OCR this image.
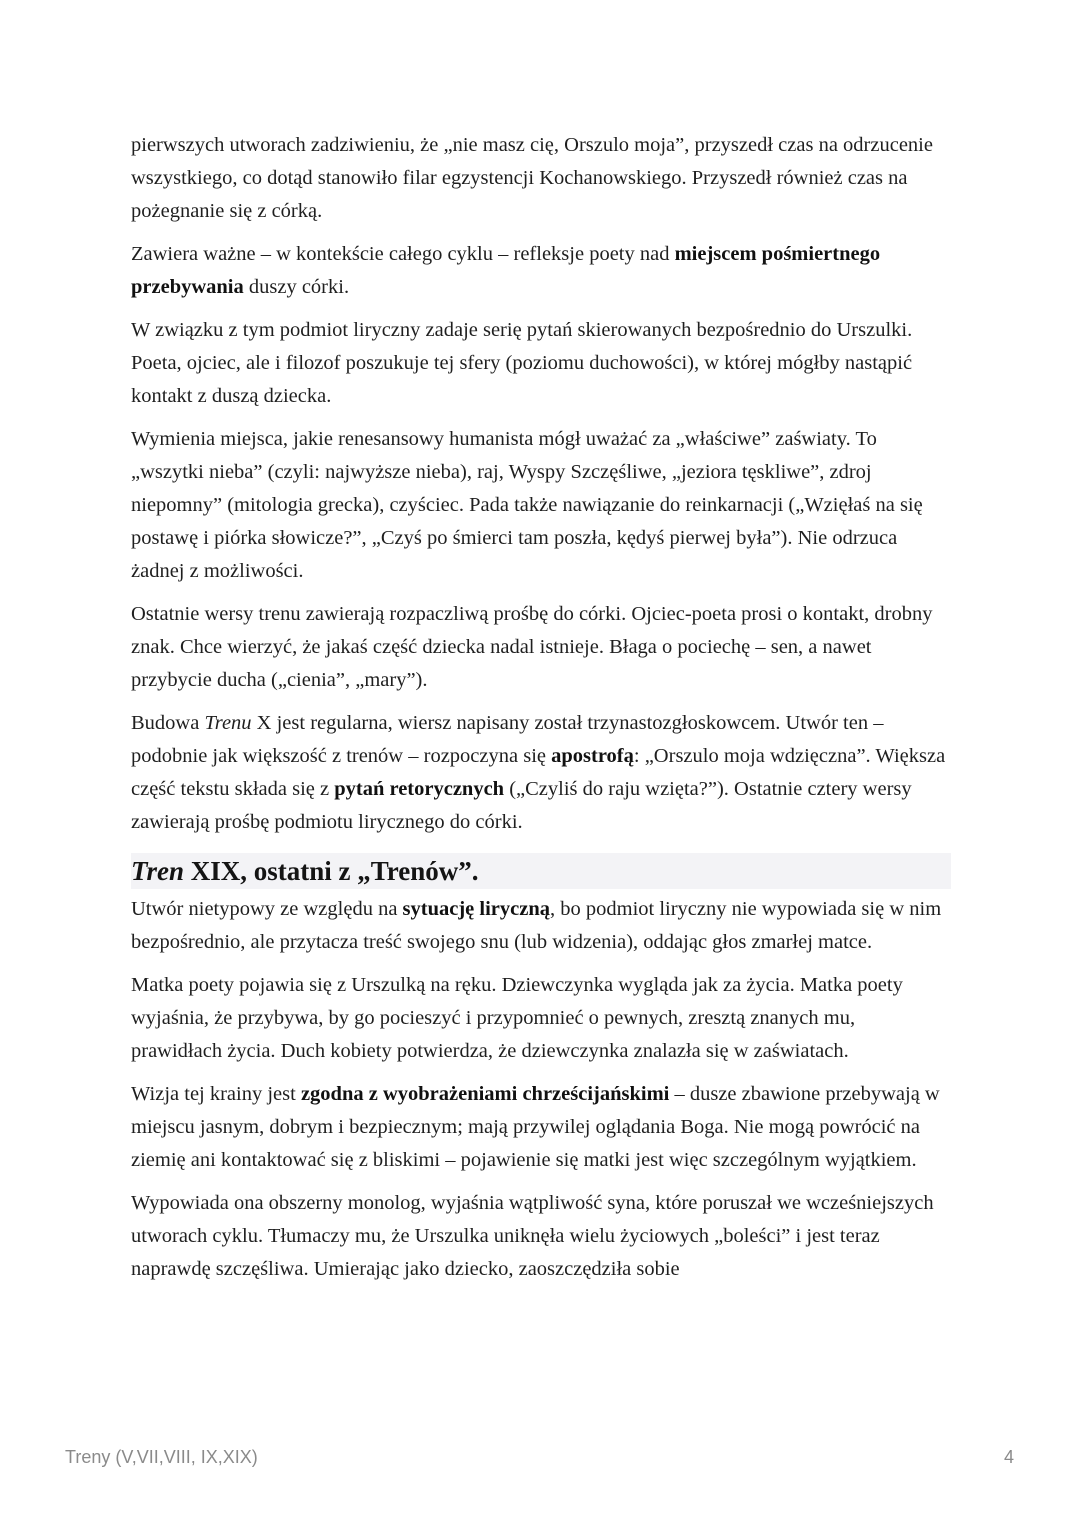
pierwszych utworach zadziwieniu, że „nie masz cię, Orszulo moja”, przyszedł czas na odrzucenie wszystkiego, co dotąd stanowiło filar egzystencji Kochanowskiego. Przyszedł również czas na pożegnanie się z córką.

Zawiera ważne – w kontekście całego cyklu – refleksje poety nad miejscem pośmiertnego przebywania duszy córki.

W związku z tym podmiot liryczny zadaje serię pytań skierowanych bezpośrednio do Urszulki. Poeta, ojciec, ale i filozof poszukuje tej sfery (poziomu duchowości), w której mógłby nastąpić kontakt z duszą dziecka.

Wymienia miejsca, jakie renesansowy humanista mógł uważać za „właściwe” zaświaty. To „wszytki nieba” (czyli: najwyższe nieba), raj, Wyspy Szczęśliwe, „jeziora tęskliwe”, zdroj niepomny” (mitologia grecka), czyściec. Pada także nawiązanie do reinkarnacji („Wzięłaś na się postawę i piórka słowicze?”, „Czyś po śmierci tam poszła, kędyś pierwej była”). Nie odrzuca żadnej z możliwości.

Ostatnie wersy trenu zawierają rozpaczliwą prośbę do córki. Ojciec-poeta prosi o kontakt, drobny znak. Chce wierzyć, że jakaś część dziecka nadal istnieje. Błaga o pociechę – sen, a nawet przybycie ducha („cienia”, „mary”).

Budowa Trenu X jest regularna, wiersz napisany został trzynastozgłoskowcem. Utwór ten – podobnie jak większość z trenów – rozpoczyna się apostrofą: „Orszulo moja wdzięczna”. Większa część tekstu składa się z pytań retorycznych („Czyliś do raju wzięta?”). Ostatnie cztery wersy zawierają prośbę podmiotu lirycznego do córki.

Tren XIX, ostatni z „Trenów”.

Utwór nietypowy ze względu na sytuację liryczną, bo podmiot liryczny nie wypowiada się w nim bezpośrednio, ale przytacza treść swojego snu (lub widzenia), oddając głos zmarłej matce.

Matka poety pojawia się z Urszulką na ręku. Dziewczynka wygląda jak za życia. Matka poety wyjaśnia, że przybywa, by go pocieszyć i przypomnieć o pewnych, zresztą znanych mu, prawidłach życia. Duch kobiety potwierdza, że dziewczynka znalazła się w zaświatach.

Wizja tej krainy jest zgodna z wyobrażeniami chrześcijańskimi – dusze zbawione przebywają w miejscu jasnym, dobrym i bezpiecznym; mają przywilej oglądania Boga. Nie mogą powrócić na ziemię ani kontaktować się z bliskimi – pojawienie się matki jest więc szczególnym wyjątkiem.

Wypowiada ona obszerny monolog, wyjaśnia wątpliwość syna, które poruszał we wcześniejszych utworach cyklu. Tłumaczy mu, że Urszulka uniknęła wielu życiowych „boleści” i jest teraz naprawdę szczęśliwa. Umierając jako dziecko, zaoszczędziła sobie

Treny (V,VII,VIII, IX,XIX)	4
